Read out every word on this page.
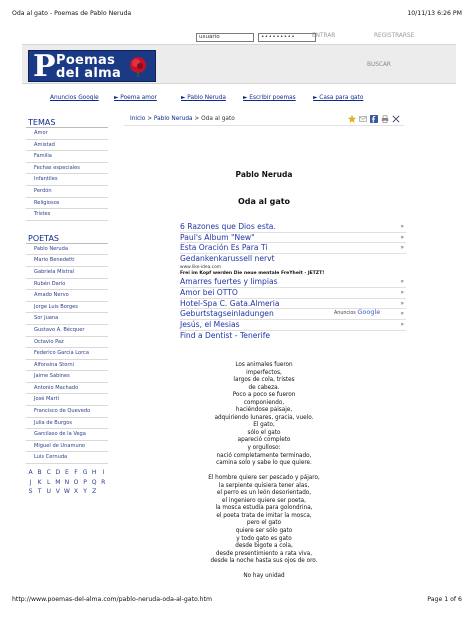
Oda al gato - Poemas de Pablo Neruda	10/11/13 6:26 PM
usuario	•••••••••	ENTRAR	REGISTRARSE
P Poemas
del alma
BUSCAR
Anuncios Google	► Poema amor	► Pablo Neruda	► Escribir poemas	► Casa para gato
TEMAS
Amor
Amistad
Familia
Fechas especiales
Infantiles
Perdón
Religiosos
Tristes
POETAS
Pablo Neruda
Mario Benedetti
Gabriela Mistral
Rubén Darío
Amado Nervo
Jorge Luis Borges
Sor Juana
Gustavo A. Bécquer
Octavio Paz
Federico García Lorca
Alfonsina Storni
Jaime Sabines
Antonio Machado
José Martí
Francisco de Quevedo
Julia de Burgos
Garcilaso de la Vega
Miguel de Unamuno
Luis Cernuda
A B C D E F G H I
J	K L M N O P Q R
S T U V W X Y Z
Inicio > Pablo Neruda > Oda al gato
Pablo Neruda
Oda al gato
6 Razones que Dios esta.	»
Paul's Album "New"	»
Esta Oración Es Para Ti	»
Gedankenkarussell nervt
www.like-idea.com
Frei im Kopf werden Die neue mentale FreYheit - JETZT!
Amarres fuertes y limpias	»
Amor bei OTTO	»
Hotel-Spa C. Gata.Almeria	»
Geburtstagseinladungen	»
Jesús, el Mesias	»
Find a Dentist - Tenerife
Anuncios Google
Los animales fueron
imperfectos,
largos de cola, tristes
de cabeza.
Poco a poco se fueron
componiendo,
haciéndose paisaje,
adquiriendo lunares, gracia, vuelo.
El gato,
sólo el gato
apareció completo
y orgulloso:
nació completamente terminado,
camina solo y sabe lo que quiere.
El hombre quiere ser pescado y pájaro,
la serpiente quisiera tener alas,
el perro es un león desorientado,
el ingeniero quiere ser poeta,
la mosca estudia para golondrina,
el poeta trata de imitar la mosca,
pero el gato
quiere ser sólo gato
y todo gato es gato
desde bigote a cola,
desde presentimiento a rata viva,
desde la noche hasta sus ojos de oro.
No hay unidad
http://www.poemas-del-alma.com/pablo-neruda-oda-al-gato.htm	Page 1 of 6
